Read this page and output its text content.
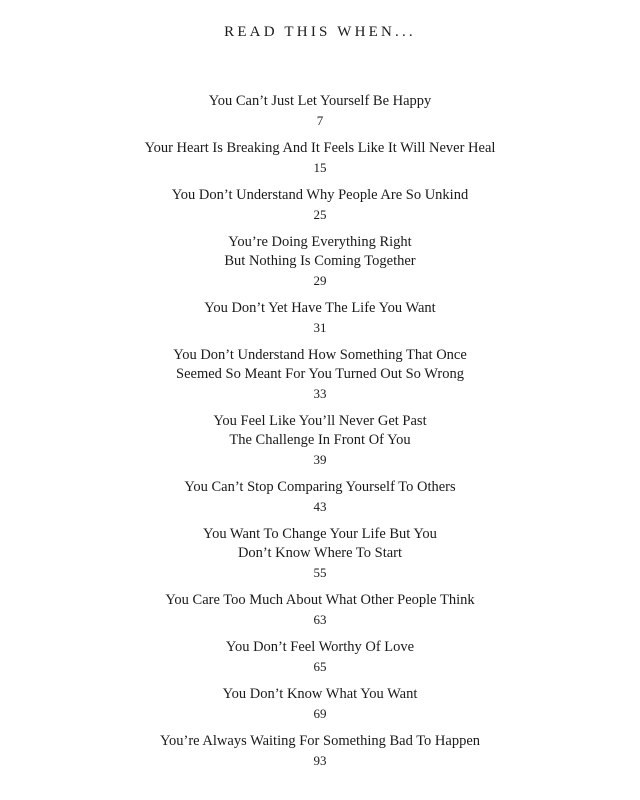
READ THIS WHEN...
You Can’t Just Let Yourself Be Happy
7
Your Heart Is Breaking And It Feels Like It Will Never Heal
15
You Don’t Understand Why People Are So Unkind
25
You’re Doing Everything Right
But Nothing Is Coming Together
29
You Don’t Yet Have The Life You Want
31
You Don’t Understand How Something That Once
Seemed So Meant For You Turned Out So Wrong
33
You Feel Like You’ll Never Get Past
The Challenge In Front Of You
39
You Can’t Stop Comparing Yourself To Others
43
You Want To Change Your Life But You
Don’t Know Where To Start
55
You Care Too Much About What Other People Think
63
You Don’t Feel Worthy Of Love
65
You Don’t Know What You Want
69
You’re Always Waiting For Something Bad To Happen
93
